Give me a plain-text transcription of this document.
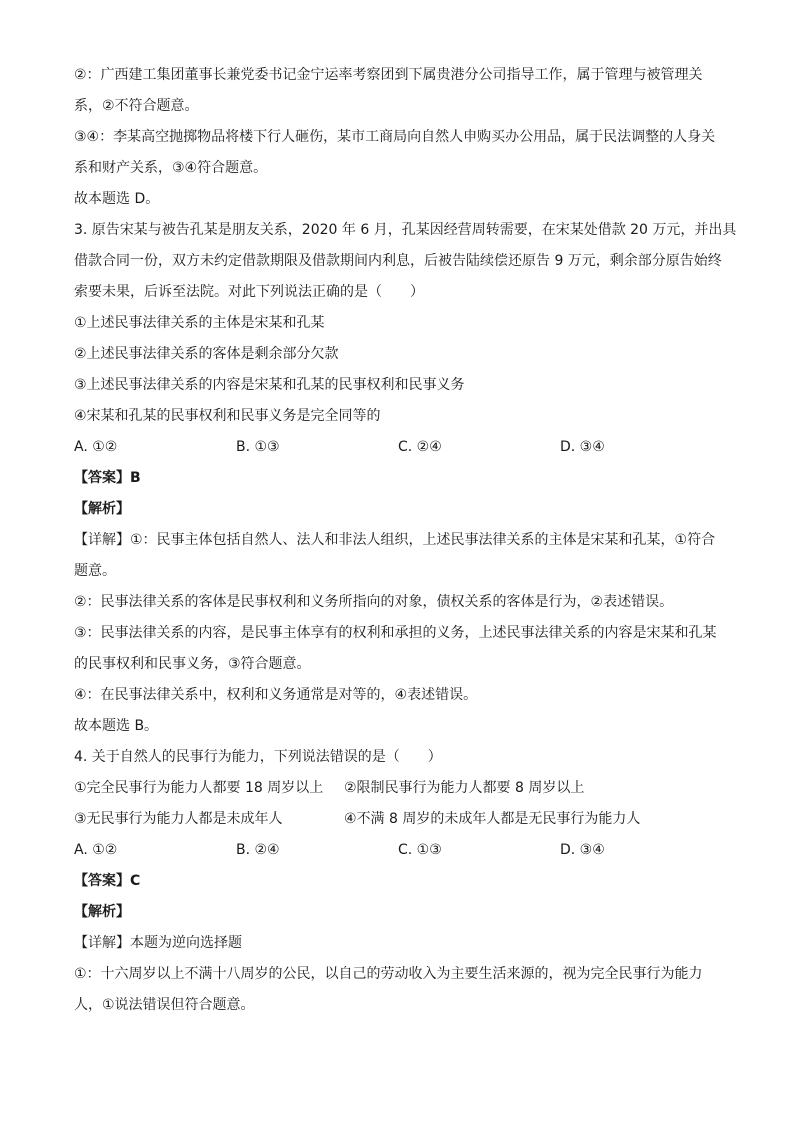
②：广西建工集团董事长兼党委书记金宁运率考察团到下属贵港分公司指导工作，属于管理与被管理关
系，②不符合题意。
③④：李某高空抛掷物品将楼下行人砸伤，某市工商局向自然人申购买办公用品，属于民法调整的人身关
系和财产关系，③④符合题意。
故本题选 D。
3. 原告宋某与被告孔某是朋友关系，2020 年 6 月，孔某因经营周转需要，在宋某处借款 20 万元，并出具
借款合同一份，双方未约定借款期限及借款期间内利息，后被告陆续偿还原告 9 万元，剩余部分原告始终
索要未果，后诉至法院。对此下列说法正确的是（　　）
①上述民事法律关系的主体是宋某和孔某
②上述民事法律关系的客体是剩余部分欠款
③上述民事法律关系的内容是宋某和孔某的民事权利和民事义务
④宋某和孔某的民事权利和民事义务是完全同等的
A. ①②	B. ①③	C. ②④	D. ③④
【答案】B
【解析】
【详解】①：民事主体包括自然人、法人和非法人组织，上述民事法律关系的主体是宋某和孔某，①符合
题意。
②：民事法律关系的客体是民事权利和义务所指向的对象，债权关系的客体是行为，②表述错误。
③：民事法律关系的内容，是民事主体享有的权利和承担的义务，上述民事法律关系的内容是宋某和孔某
的民事权利和民事义务，③符合题意。
④：在民事法律关系中，权利和义务通常是对等的，④表述错误。
故本题选 B。
4. 关于自然人的民事行为能力，下列说法错误的是（　　）
①完全民事行为能力人都要 18 周岁以上	②限制民事行为能力人都要 8 周岁以上
③无民事行为能力人都是未成年人	④不满 8 周岁的未成年人都是无民事行为能力人
A. ①②	B. ②④	C. ①③	D. ③④
【答案】C
【解析】
【详解】本题为逆向选择题
①：十六周岁以上不满十八周岁的公民，以自己的劳动收入为主要生活来源的，视为完全民事行为能力
人，①说法错误但符合题意。
